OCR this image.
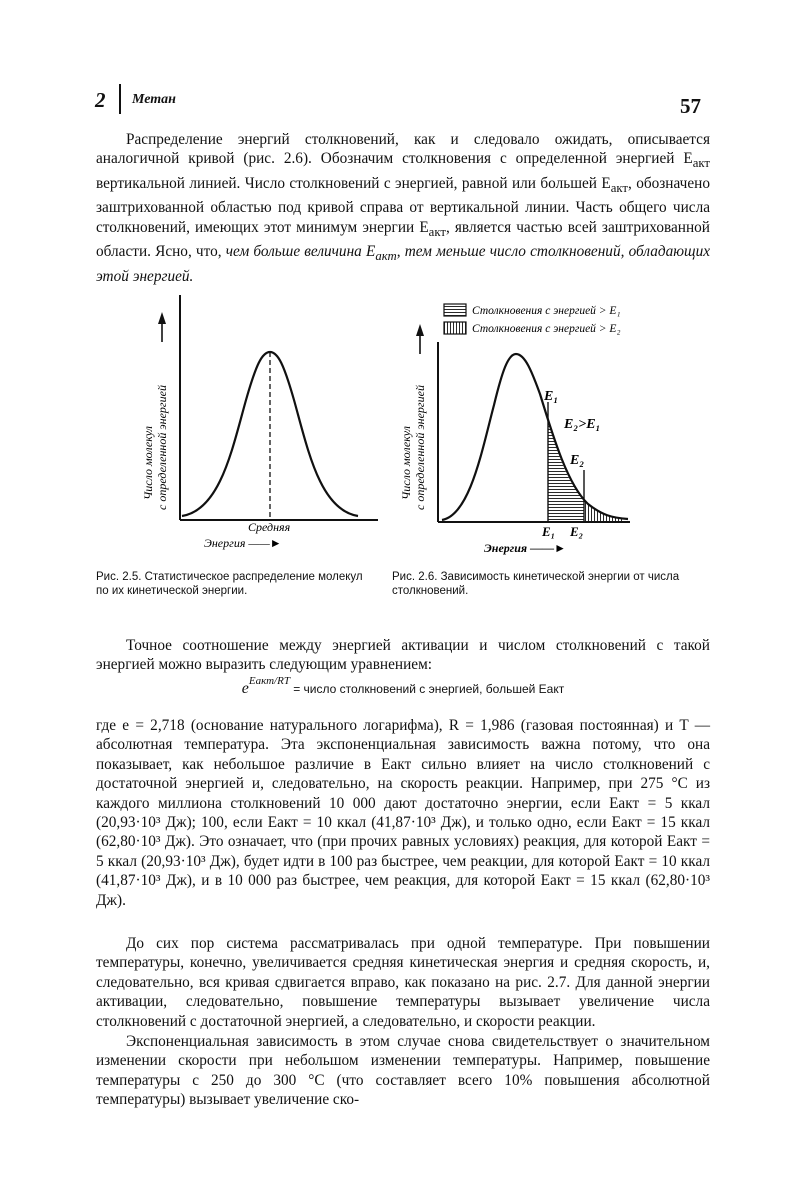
2 Метан	57

Распределение энергий столкновений, как и следовало ожидать, описывается аналогичной кривой (рис. 2.6). Обозначим столкновения с определенной энергией $E_{акт}$ вертикальной линией. Число столкновений с энергией, равной или большей $E_{акт}$, обозначено заштрихованной областью под кривой справа от вертикальной линии. Часть общего числа столкновений, имеющих этот минимум энергии $E_{акт}$, является частью всей заштрихованной области. Ясно, что, чем больше величина $E_{акт}$, тем меньше число столкновений, обладающих этой энергией.

Число молекул с определенной энергией
Средняя
Энергия ——►
Столкновения с энергией > E₁
Столкновения с энергией > E₂
E₁
E₂>E₁
E₂
E₁ E₂
Число молекул с определенной энергией
Энергия ——►

Рис. 2.5. Статистическое распределение молекул по их кинетической энергии.

Рис. 2.6. Зависимость кинетической энергии от числа столкновений.

Точное соотношение между энергией активации и числом столкновений с такой энергией можно выразить следующим уравнением:

$e^{Eакт/RT}$ = число столкновений с энергией, большей Eакт

где e = 2,718 (основание натурального логарифма), R = 1,986 (газовая постоянная) и T — абсолютная температура. Эта экспоненциальная зависимость важна потому, что она показывает, как небольшое различие в Eакт сильно влияет на число столкновений с достаточной энергией и, следовательно, на скорость реакции. Например, при 275 °C из каждого миллиона столкновений 10 000 дают достаточно энергии, если Eакт = 5 ккал (20,93·10³ Дж); 100, если Eакт = 10 ккал (41,87·10³ Дж), и только одно, если Eакт = 15 ккал (62,80·10³ Дж). Это означает, что (при прочих равных условиях) реакция, для которой Eакт = 5 ккал (20,93·10³ Дж), будет идти в 100 раз быстрее, чем реакции, для которой Eакт = 10 ккал (41,87·10³ Дж), и в 10 000 раз быстрее, чем реакция, для которой Eакт = 15 ккал (62,80·10³ Дж).

До сих пор система рассматривалась при одной температуре. При повышении температуры, конечно, увеличивается средняя кинетическая энергия и средняя скорость, и, следовательно, вся кривая сдвигается вправо, как показано на рис. 2.7. Для данной энергии активации, следовательно, повышение температуры вызывает увеличение числа столкновений с достаточной энергией, а следовательно, и скорости реакции.

Экспоненциальная зависимость в этом случае снова свидетельствует о значительном изменении скорости при небольшом изменении температуры. Например, повышение температуры с 250 до 300 °C (что составляет всего 10% повышения абсолютной температуры) вызывает увеличение ско-
